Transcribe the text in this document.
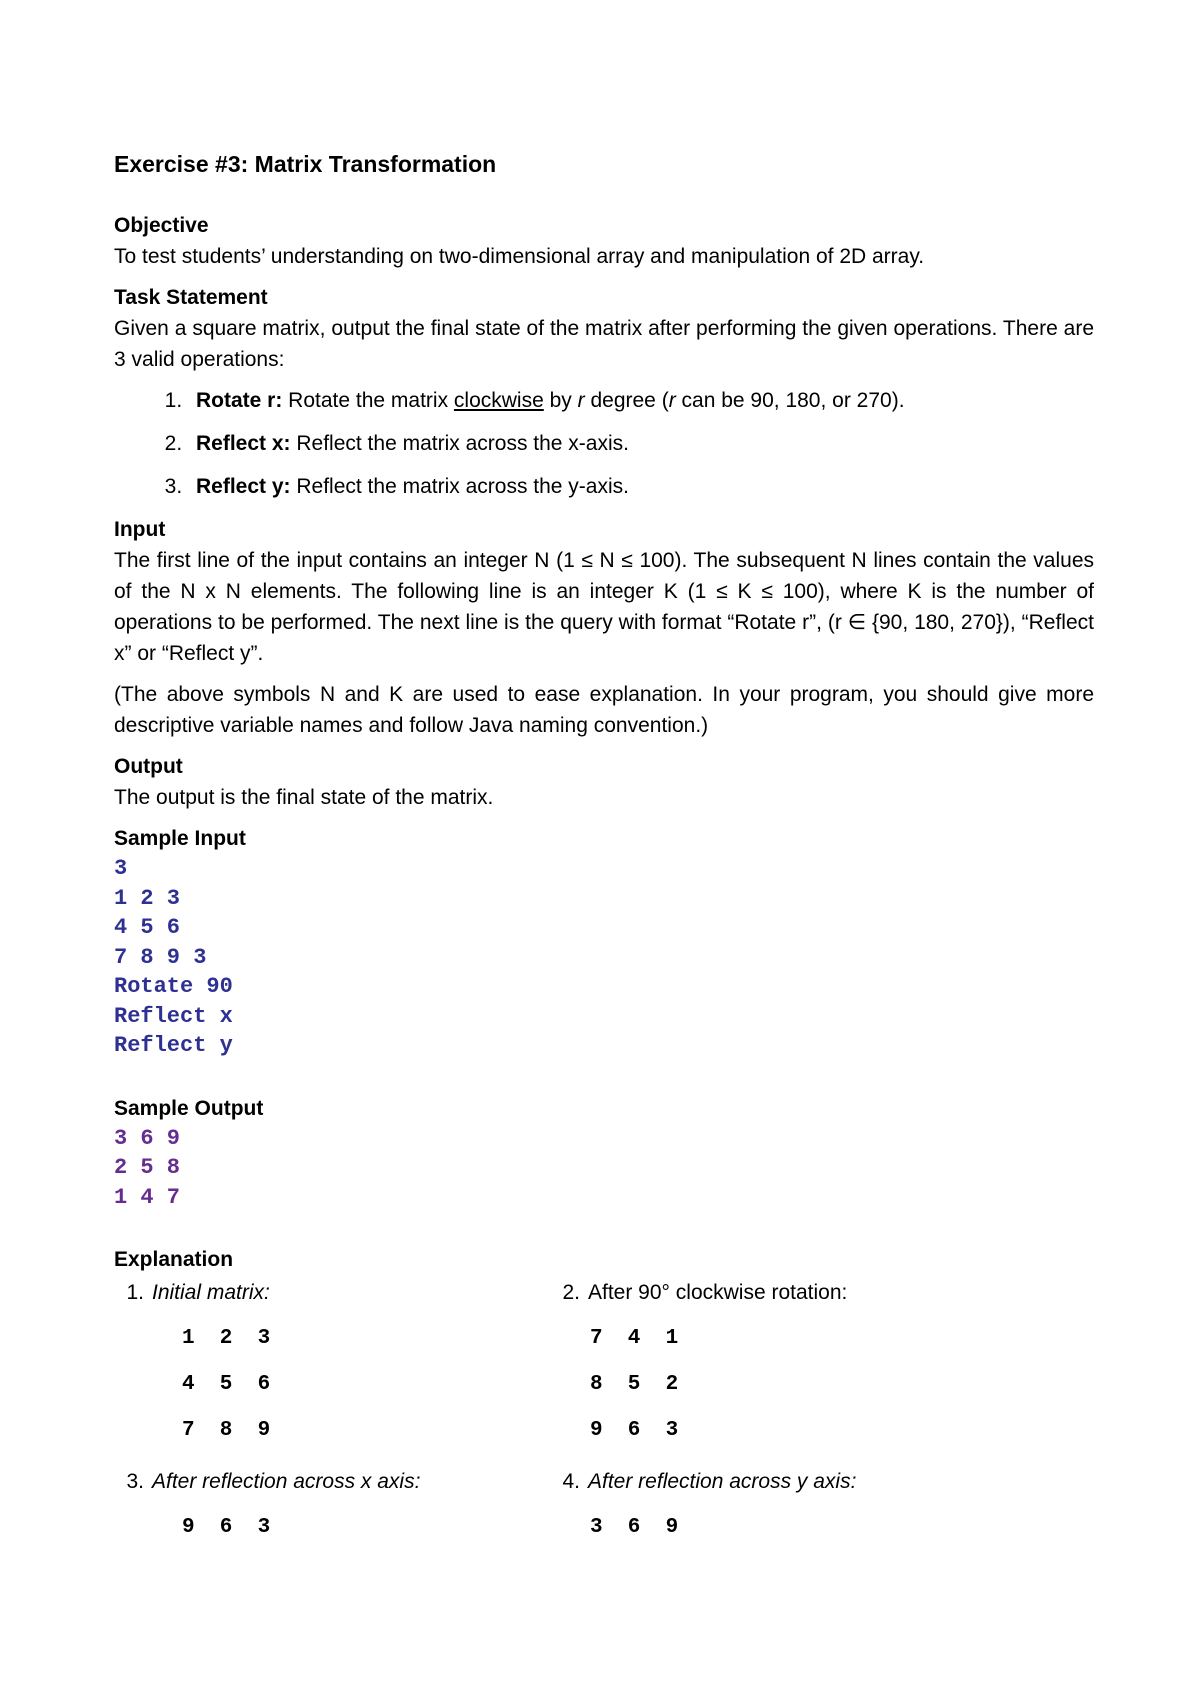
Exercise #3: Matrix Transformation
Objective

To test students’ understanding on two-dimensional array and manipulation of 2D array.

Task Statement

Given a square matrix, output the final state of the matrix after performing the given operations. There are 3 valid operations:

1. Rotate r: Rotate the matrix clockwise by r degree (r can be 90, 180, or 270).
2. Reflect x: Reflect the matrix across the x-axis.
3. Reflect y: Reflect the matrix across the y-axis.
Input

The first line of the input contains an integer N (1 ≤ N ≤ 100). The subsequent N lines contain the values of the N x N elements. The following line is an integer K (1 ≤ K ≤ 100), where K is the number of operations to be performed. The next line is the query with format “Rotate r”, (r ∈ {90, 180, 270}), “Reflect x” or “Reflect y”.

(The above symbols N and K are used to ease explanation. In your program, you should give more descriptive variable names and follow Java naming convention.)

Output

The output is the final state of the matrix.

Sample Input
3
1 2 3
4 5 6
7 8 9 3
Rotate 90
Reflect x
Reflect y
Sample Output
3 6 9
2 5 8
1 4 7
Explanation
1. Initial matrix:
1  2  3
4  5  6
7  8  9
2. After 90° clockwise rotation:
7  4  1
8  5  2
9  6  3
3. After reflection across x axis:
9  6  3
4. After reflection across y axis:
3  6  9
